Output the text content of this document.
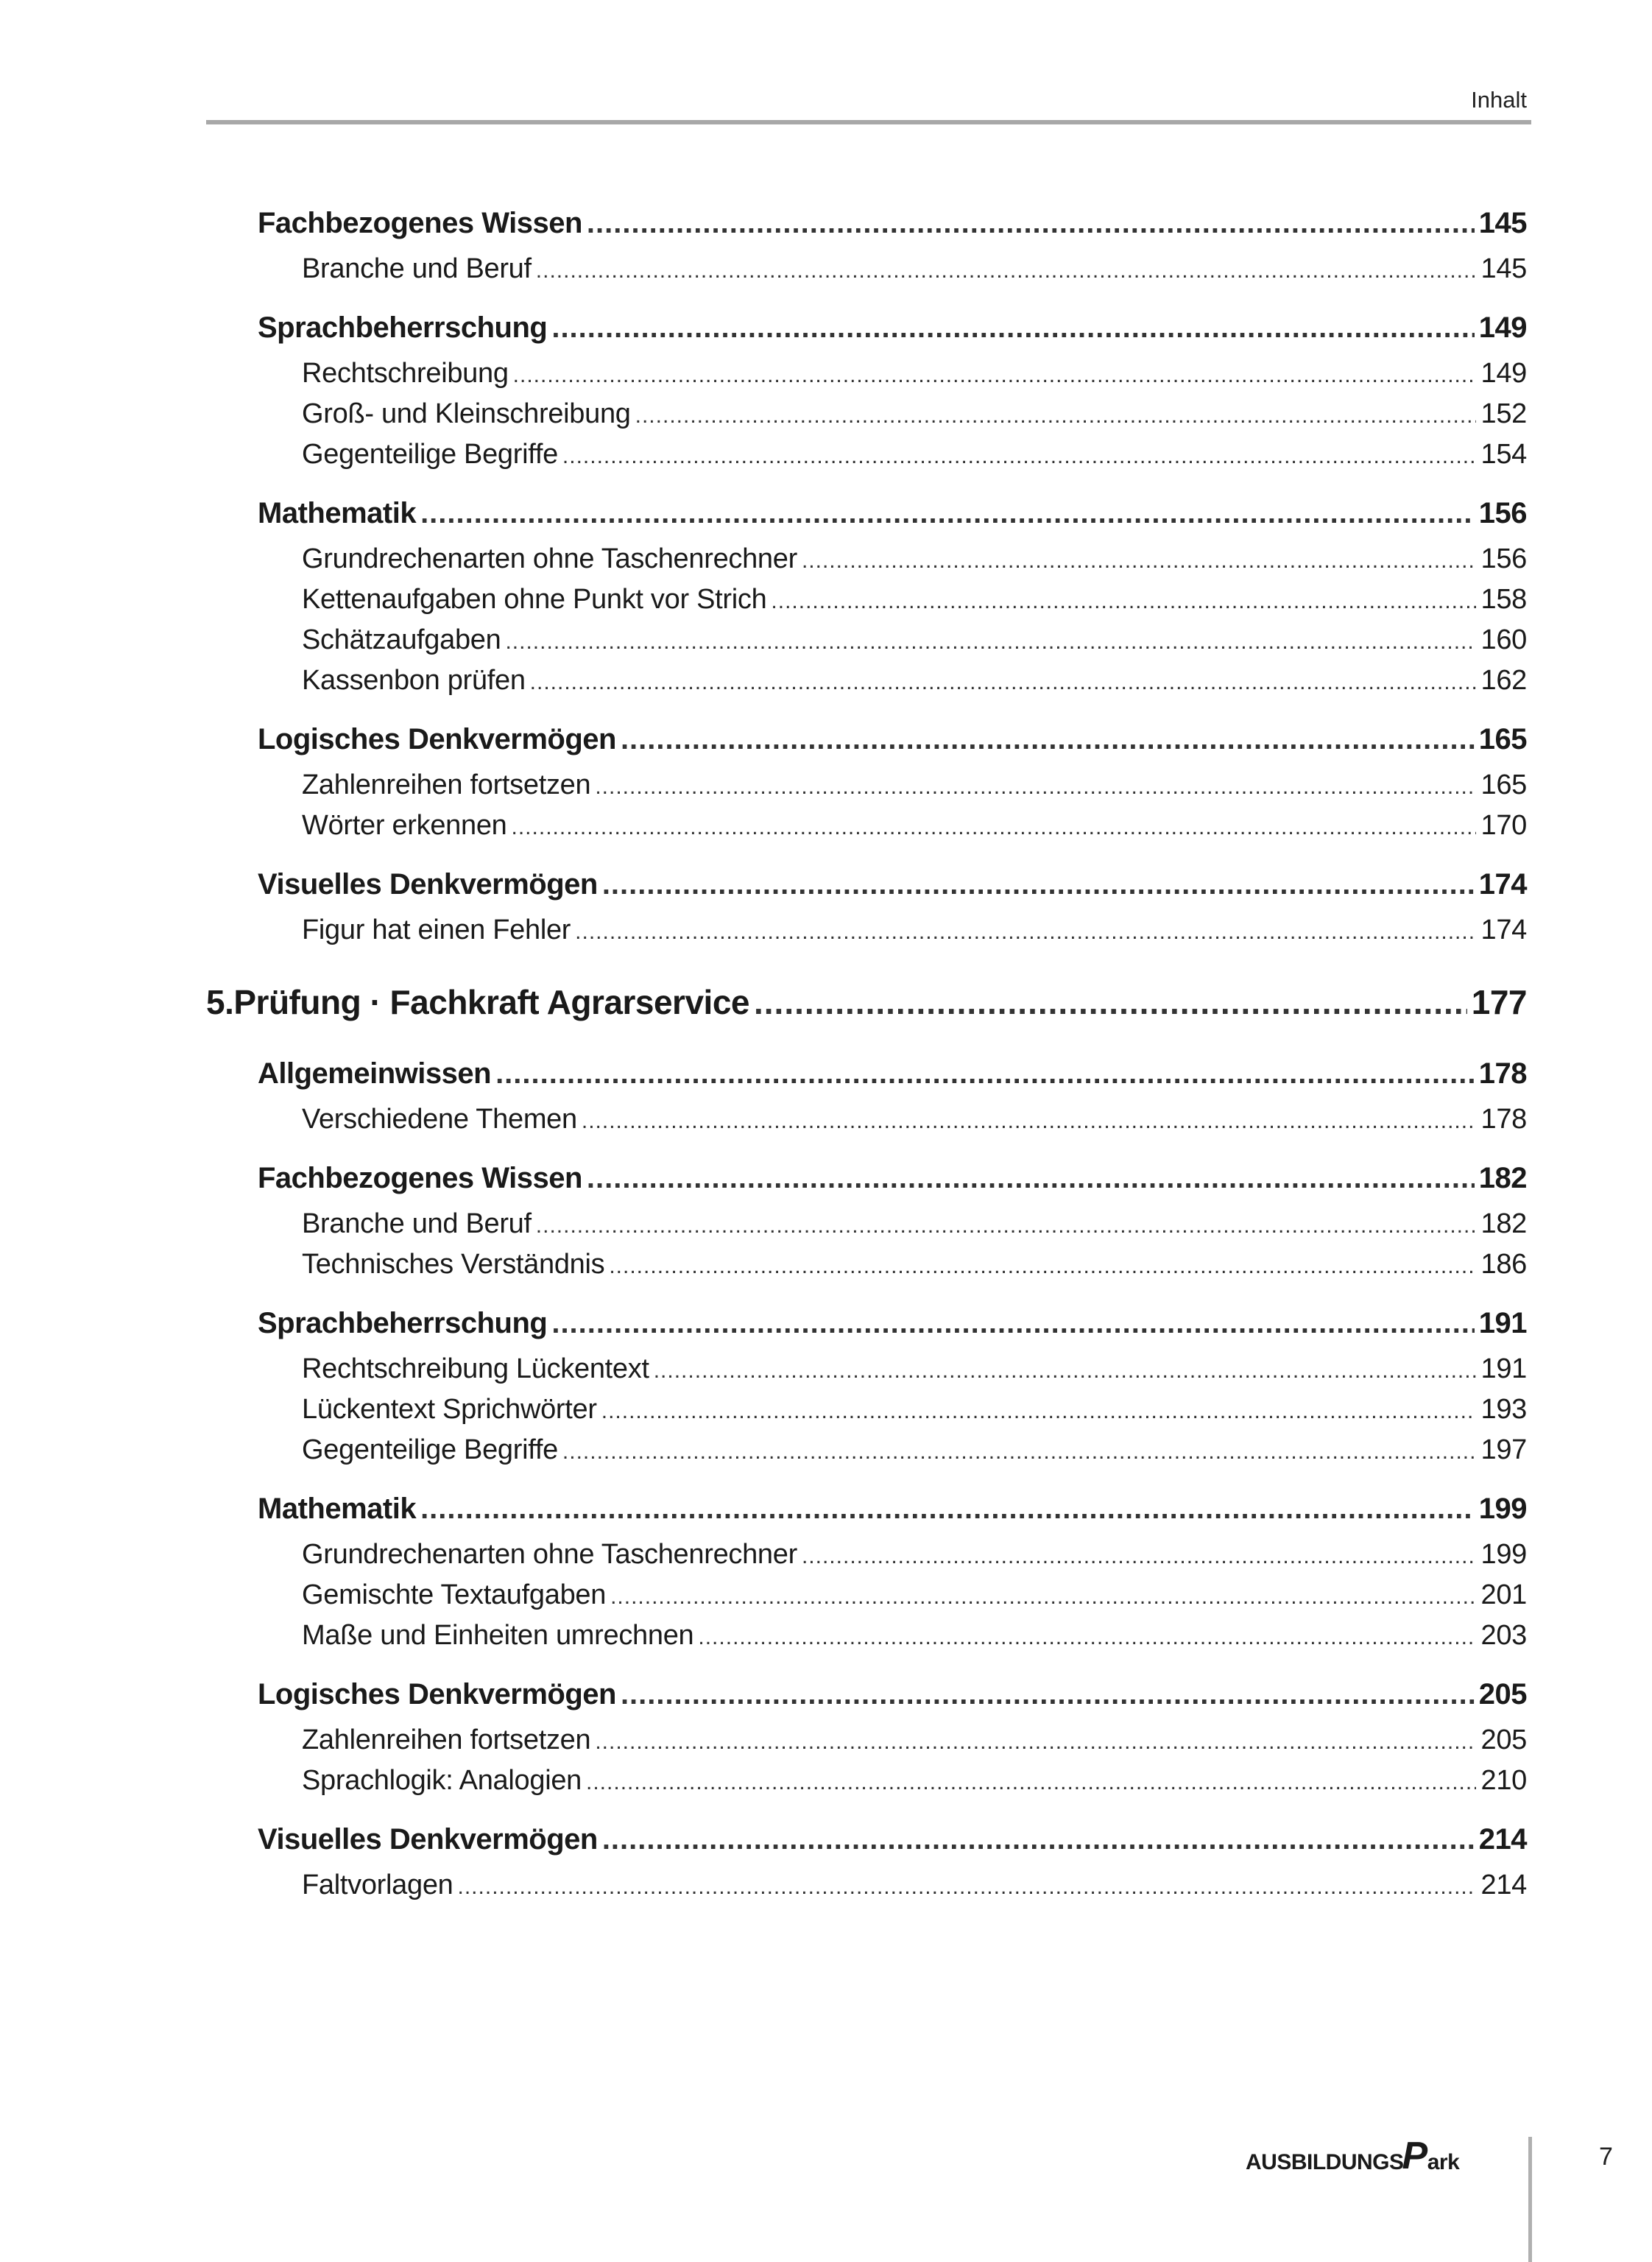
Inhalt
Fachbezogenes Wissen .....	145
Branche und Beruf .....	145
Sprachbeherrschung .....	149
Rechtschreibung .....	149
Groß- und Kleinschreibung .....	152
Gegenteilige Begriffe .....	154
Mathematik .....	156
Grundrechenarten ohne Taschenrechner .....	156
Kettenaufgaben ohne Punkt vor Strich .....	158
Schätzaufgaben .....	160
Kassenbon prüfen .....	162
Logisches Denkvermögen .....	165
Zahlenreihen fortsetzen .....	165
Wörter erkennen .....	170
Visuelles Denkvermögen .....	174
Figur hat einen Fehler .....	174
5. Prüfung · Fachkraft Agrarservice .....	177
Allgemeinwissen .....	178
Verschiedene Themen .....	178
Fachbezogenes Wissen .....	182
Branche und Beruf .....	182
Technisches Verständnis .....	186
Sprachbeherrschung .....	191
Rechtschreibung Lückentext .....	191
Lückentext Sprichwörter .....	193
Gegenteilige Begriffe .....	197
Mathematik .....	199
Grundrechenarten ohne Taschenrechner .....	199
Gemischte Textaufgaben .....	201
Maße und Einheiten umrechnen .....	203
Logisches Denkvermögen .....	205
Zahlenreihen fortsetzen .....	205
Sprachlogik: Analogien .....	210
Visuelles Denkvermögen .....	214
Faltvorlagen .....	214
AUSBILDUNGS
P ark	7
